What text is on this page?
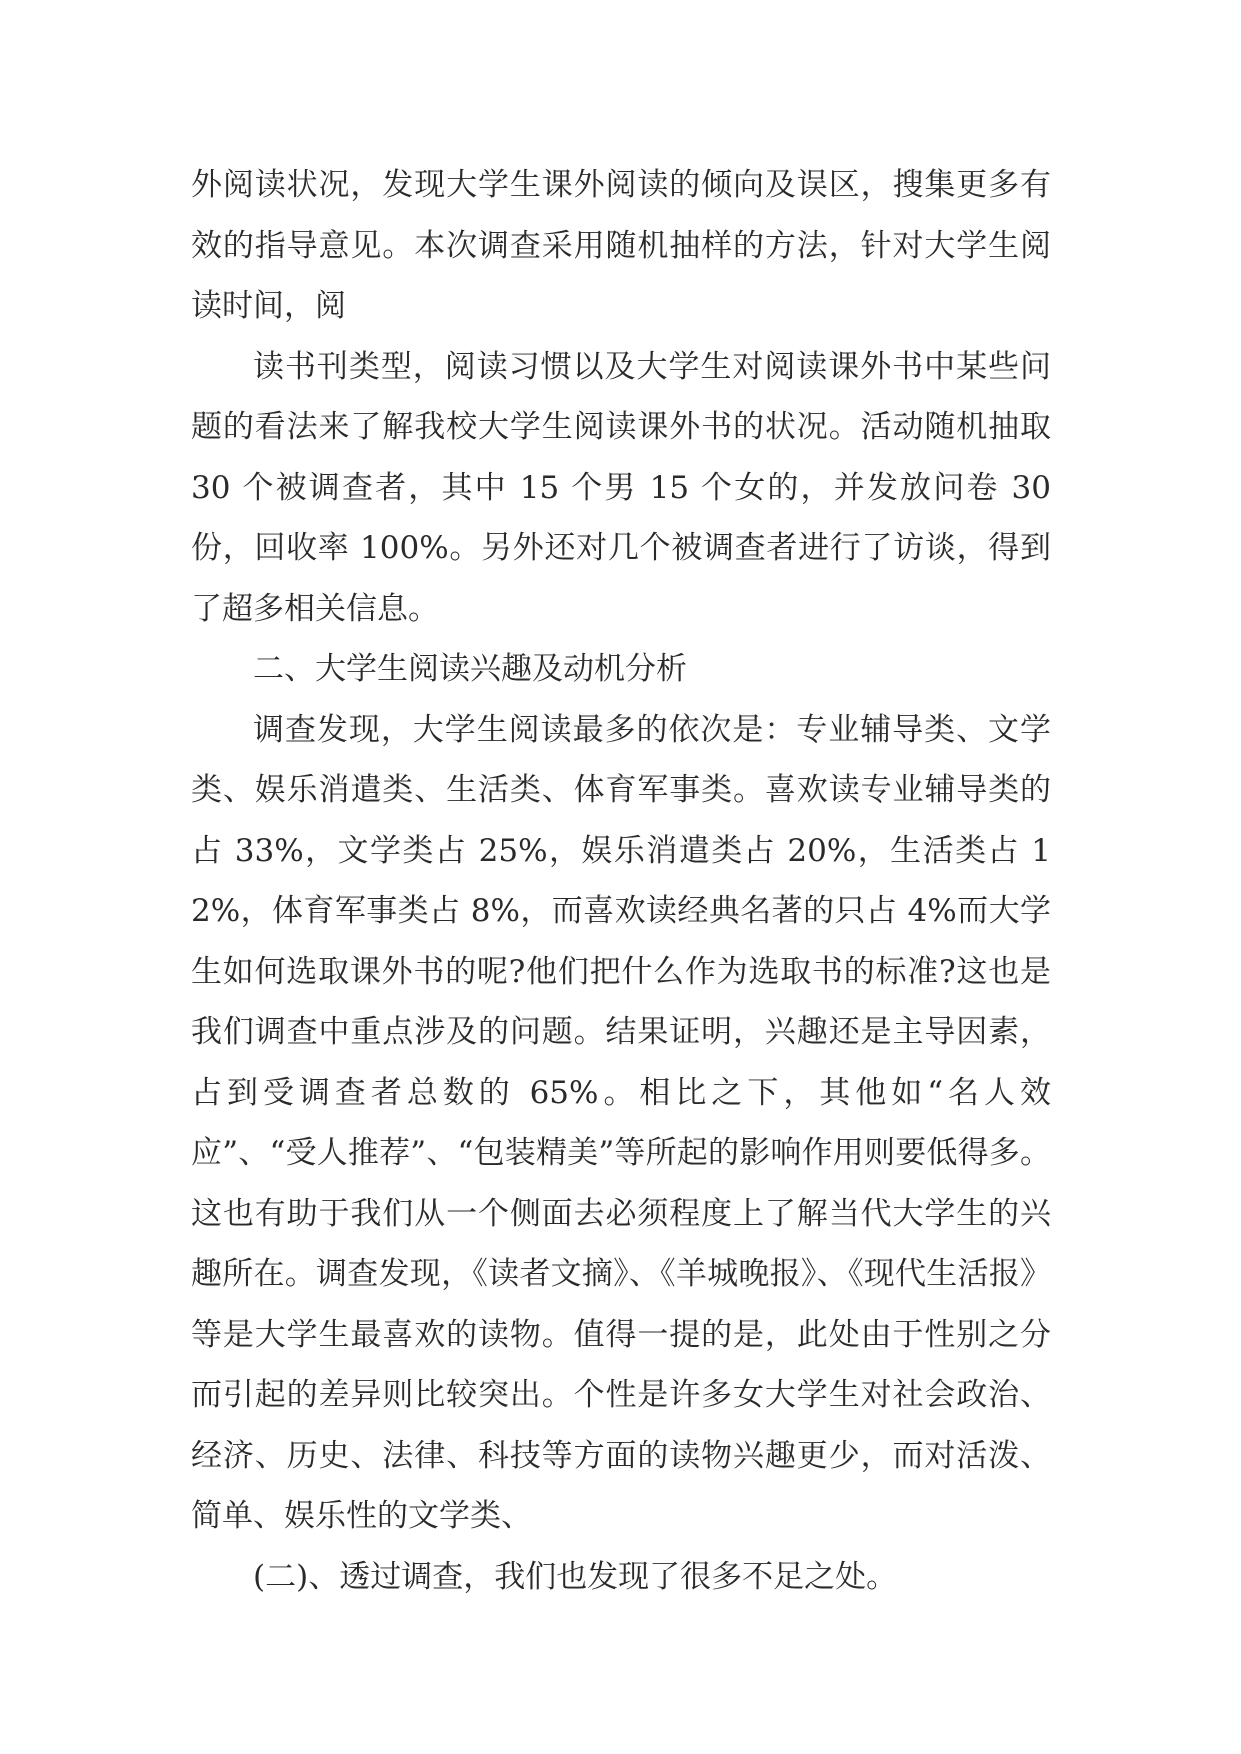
外阅读状况，发现大学生课外阅读的倾向及误区，搜集更多有效的指导意见。本次调查采用随机抽样的方法，针对大学生阅读时间，阅

读书刊类型，阅读习惯以及大学生对阅读课外书中某些问题的看法来了解我校大学生阅读课外书的状况。活动随机抽取 30 个被调查者，其中 15 个男 15 个女的，并发放问卷 30 份，回收率 100%。另外还对几个被调查者进行了访谈，得到了超多相关信息。

二、大学生阅读兴趣及动机分析

调查发现，大学生阅读最多的依次是：专业辅导类、文学类、娱乐消遣类、生活类、体育军事类。喜欢读专业辅导类的占 33%，文学类占 25%，娱乐消遣类占 20%，生活类占 12%，体育军事类占 8%，而喜欢读经典名著的只占 4%而大学生如何选取课外书的呢?他们把什么作为选取书的标准?这也是我们调查中重点涉及的问题。结果证明，兴趣还是主导因素，占到受调查者总数的 65%。相比之下，其他如“名人效应”、“受人推荐”、“包装精美”等所起的影响作用则要低得多。这也有助于我们从一个侧面去必须程度上了解当代大学生的兴趣所在。调查发现，《读者文摘》、《羊城晚报》、《现代生活报》等是大学生最喜欢的读物。值得一提的是，此处由于性别之分而引起的差异则比较突出。个性是许多女大学生对社会政治、经济、历史、法律、科技等方面的读物兴趣更少，而对活泼、简单、娱乐性的文学类、

(二)、透过调查，我们也发现了很多不足之处。
